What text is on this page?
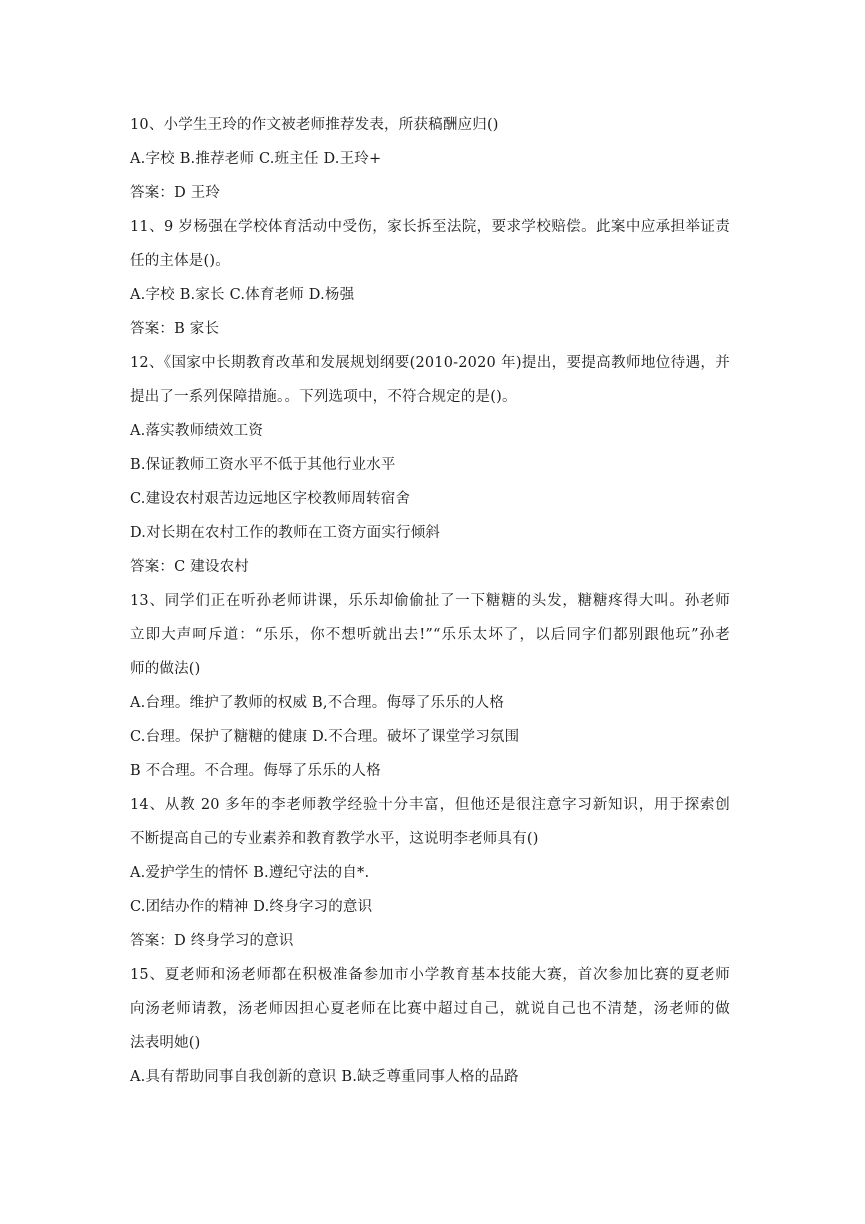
10、小学生王玲的作文被老师推荐发表，所获稿酬应归()
A.字校 B.推荐老师 C.班主任 D.王玲+
答案：D 王玲
11、9 岁杨强在学校体育活动中受伤，家长拆至法院，要求学校赔偿。此案中应承担举证责
任的主体是()。
A.字校 B.家长 C.体育老师 D.杨强
答案：B 家长
12、《国家中长期教育改革和发展规划纲要(2010-2020 年)提出，要提高教师地位待遇，并
提出了一系列保障措施。。下列选项中，不符合规定的是()。
A.落实教师绩效工资
B.保证教师工资水平不低于其他行业水平
C.建设农村艰苦边远地区字校教师周转宿舍
D.对长期在农村工作的教师在工资方面实行倾斜
答案：C 建设农村
13、同学们正在听孙老师讲课，乐乐却偷偷扯了一下糖糖的头发，糖糖疼得大叫。孙老师
立即大声呵斥道：“乐乐，你不想听就出去!”“乐乐太坏了，以后同字们都别跟他玩”孙老
师的做法()
A.台理。维护了教师的权威 B,不合理。侮辱了乐乐的人格
C.台理。保护了糖糖的健康 D.不合理。破坏了课堂学习氛围
B 不合理。不合理。侮辱了乐乐的人格
14、从教 20 多年的李老师教学经验十分丰富，但他还是很注意字习新知识，用于探索创
不断提高自己的专业素养和教育教学水平，这说明李老师具有()
A.爱护学生的情怀 B.遵纪守法的自*.
C.团结办作的精神 D.终身字习的意识
答案：D 终身学习的意识
15、夏老师和汤老师都在积极准备参加市小学教育基本技能大赛，首次参加比赛的夏老师
向汤老师请教，汤老师因担心夏老师在比赛中超过自己，就说自己也不清楚，汤老师的做
法表明她()
A.具有帮助同事自我创新的意识 B.缺乏尊重同事人格的品路
